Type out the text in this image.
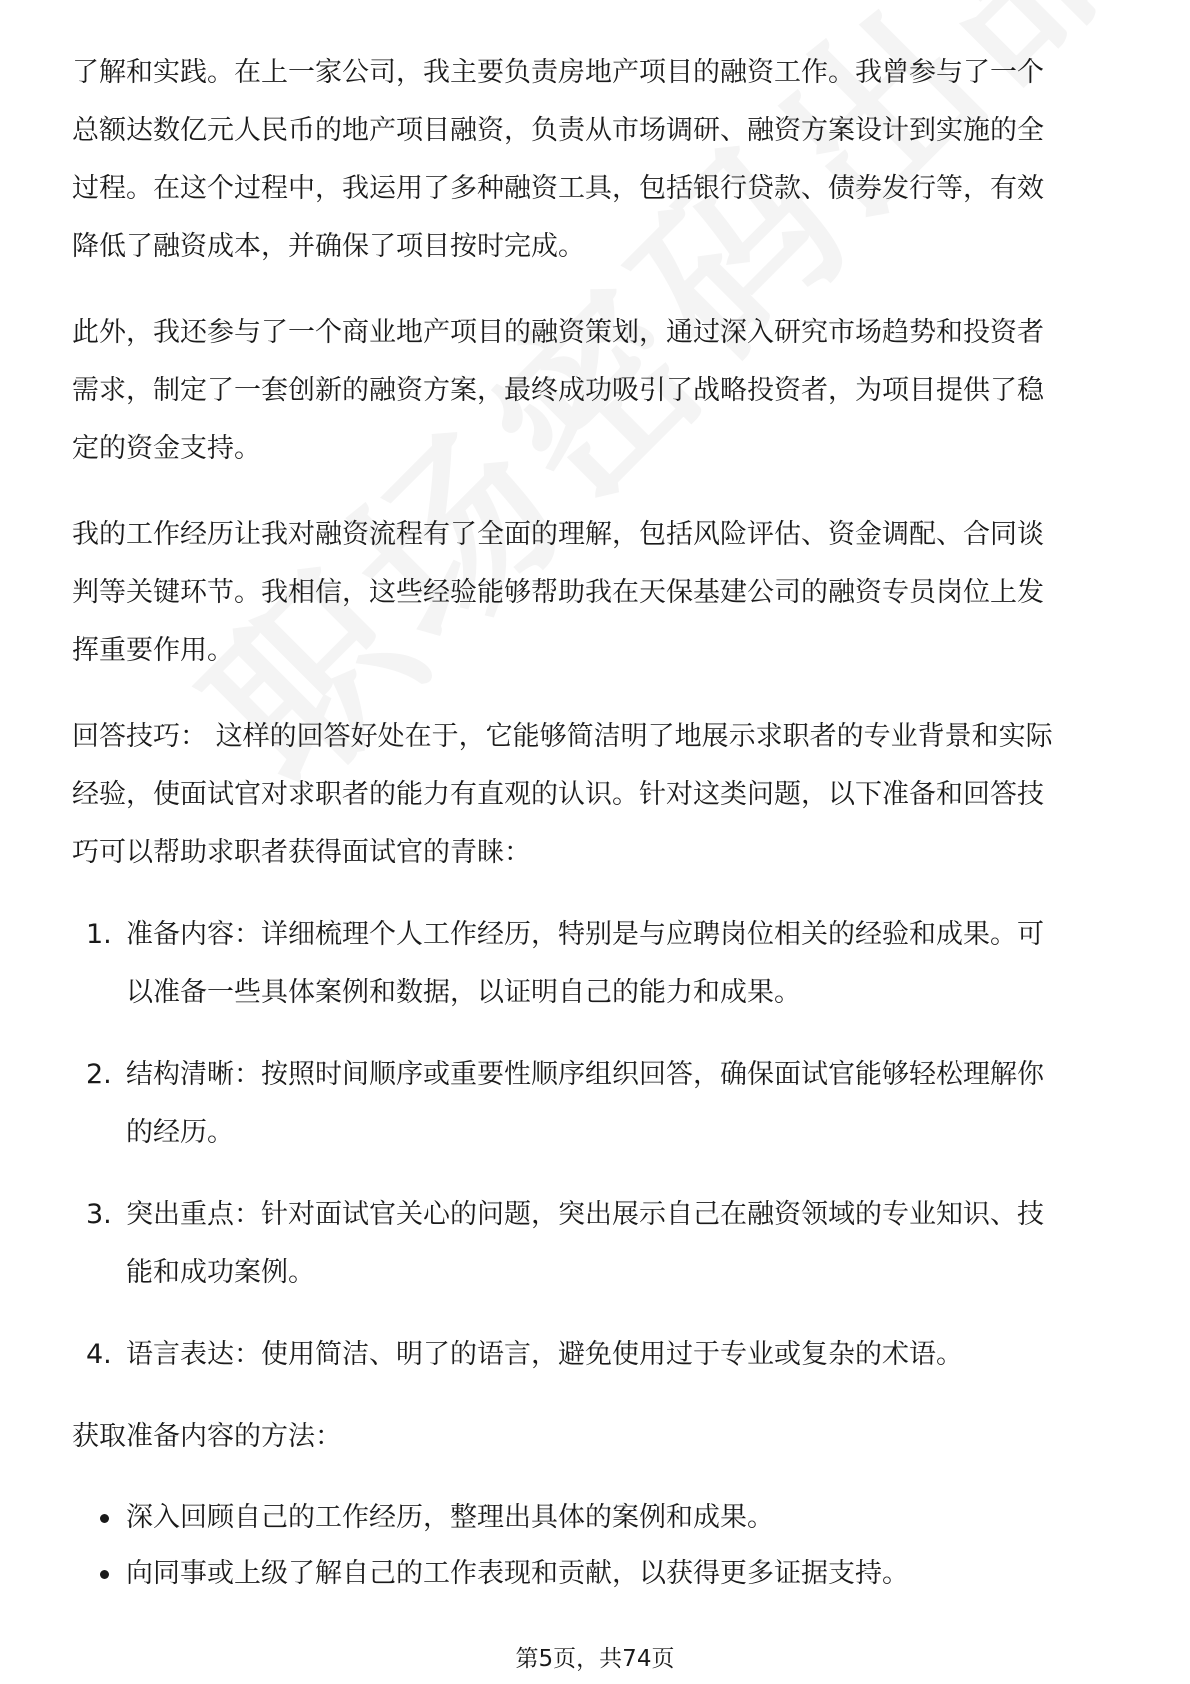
了解和实践。在上一家公司，我主要负责房地产项目的融资工作。我曾参与了一个
总额达数亿元人民币的地产项目融资，负责从市场调研、融资方案设计到实施的全
过程。在这个过程中，我运用了多种融资工具，包括银行贷款、债券发行等，有效
降低了融资成本，并确保了项目按时完成。

此外，我还参与了一个商业地产项目的融资策划，通过深入研究市场趋势和投资者
需求，制定了一套创新的融资方案，最终成功吸引了战略投资者，为项目提供了稳
定的资金支持。

我的工作经历让我对融资流程有了全面的理解，包括风险评估、资金调配、合同谈
判等关键环节。我相信，这些经验能够帮助我在天保基建公司的融资专员岗位上发
挥重要作用。

回答技巧： 这样的回答好处在于，它能够简洁明了地展示求职者的专业背景和实际
经验，使面试官对求职者的能力有直观的认识。针对这类问题，以下准备和回答技
巧可以帮助求职者获得面试官的青睐：

1. 准备内容：详细梳理个人工作经历，特别是与应聘岗位相关的经验和成果。可
以准备一些具体案例和数据，以证明自己的能力和成果。
2. 结构清晰：按照时间顺序或重要性顺序组织回答，确保面试官能够轻松理解你
的经历。
3. 突出重点：针对面试官关心的问题，突出展示自己在融资领域的专业知识、技
能和成功案例。
4. 语言表达：使用简洁、明了的语言，避免使用过于专业或复杂的术语。

获取准备内容的方法：

深入回顾自己的工作经历，整理出具体的案例和成果。
向同事或上级了解自己的工作表现和贡献，以获得更多证据支持。
第5页，共74页
